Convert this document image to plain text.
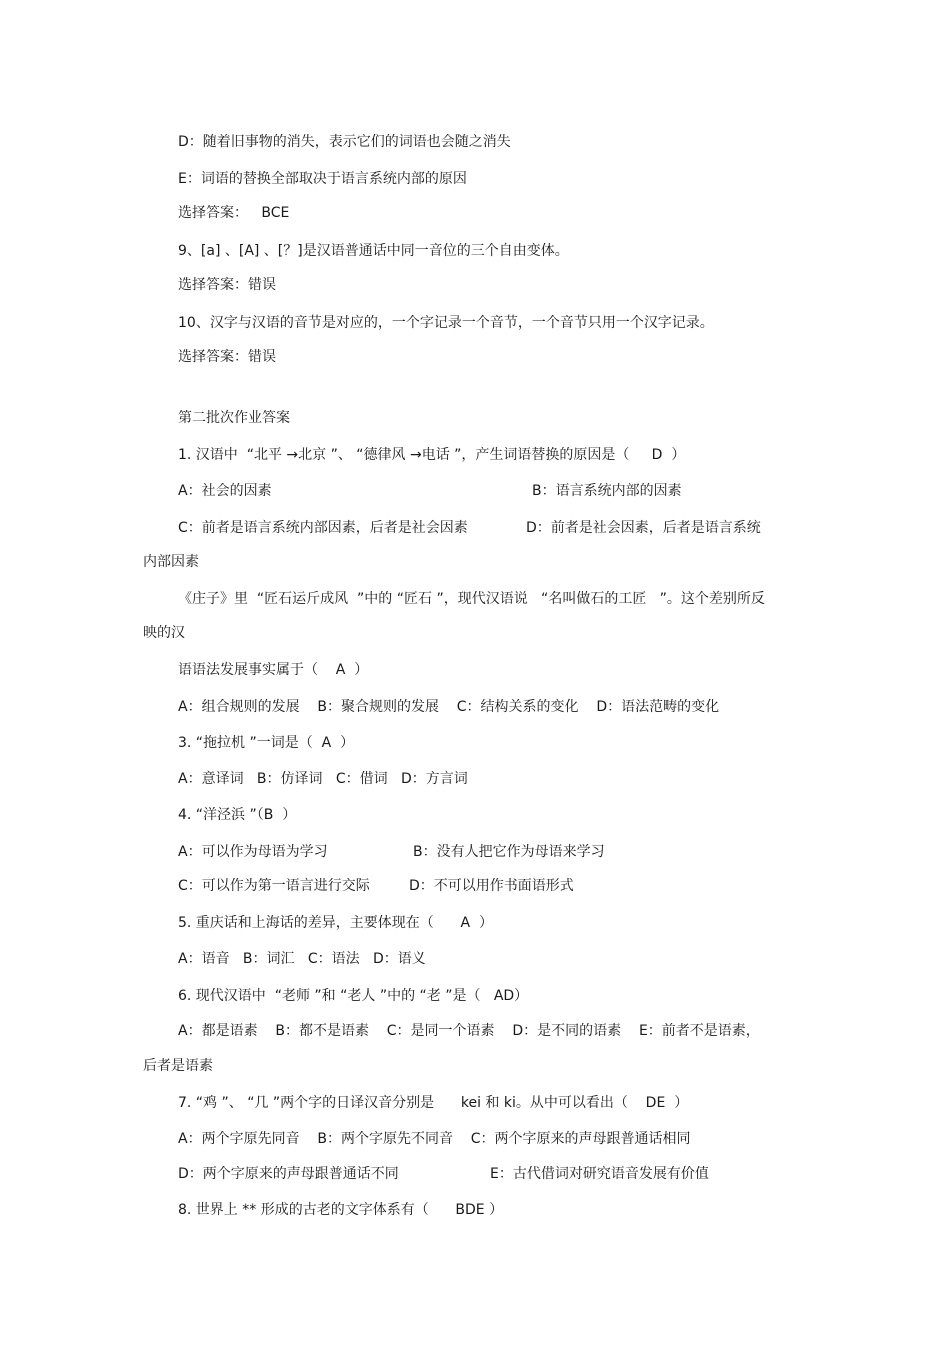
D：随着旧事物的消失，表示它们的词语也会随之消失
E：词语的替换全部取决于语言系统内部的原因
选择答案：   BCE
9、[a] 、[A] 、[？]是汉语普通话中同一音位的三个自由变体。
选择答案：错误
10、汉字与汉语的音节是对应的，一个字记录一个音节，一个音节只用一个汉字记录。
选择答案：错误
第二批次作业答案
1. 汉语中  “北平 →北京 ”、 “德律风 →电话 ”，产生词语替换的原因是（     D  ）
A：社会的因素	B：语言系统内部的因素
C：前者是语言系统内部因素，后者是社会因素	D：前者是社会因素，后者是语言系统
内部因素
《庄子》里  “匠石运斤成风  ”中的 “匠石 ”，现代汉语说   “名叫做石的工匠   ”。这个差别所反
映的汉
语语法发展事实属于（    A  ）
A：组合规则的发展    B：聚合规则的发展    C：结构关系的变化    D：语法范畴的变化
3. “拖拉机 ”一词是（  A  ）
A：意译词   B：仿译词   C：借词   D：方言词
4. “洋泾浜 ”（B  ）
A：可以作为母语为学习	B：没有人把它作为母语来学习
C：可以作为第一语言进行交际	D：不可以用作书面语形式
5. 重庆话和上海话的差异，主要体现在（      A  ）
A：语音   B：词汇   C：语法   D：语义
6. 现代汉语中  “老师 ”和 “老人 ”中的 “老 ”是（   AD）
A：都是语素    B：都不是语素    C：是同一个语素    D：是不同的语素    E：前者不是语素，
后者是语素
7. “鸡 ”、 “几 ”两个字的日译汉音分别是      kei 和 ki。从中可以看出（    DE  ）
A：两个字原先同音    B：两个字原先不同音    C：两个字原来的声母跟普通话相同
D：两个字原来的声母跟普通话不同	E：古代借词对研究语音发展有价值
8. 世界上 ** 形成的古老的文字体系有（      BDE ）
